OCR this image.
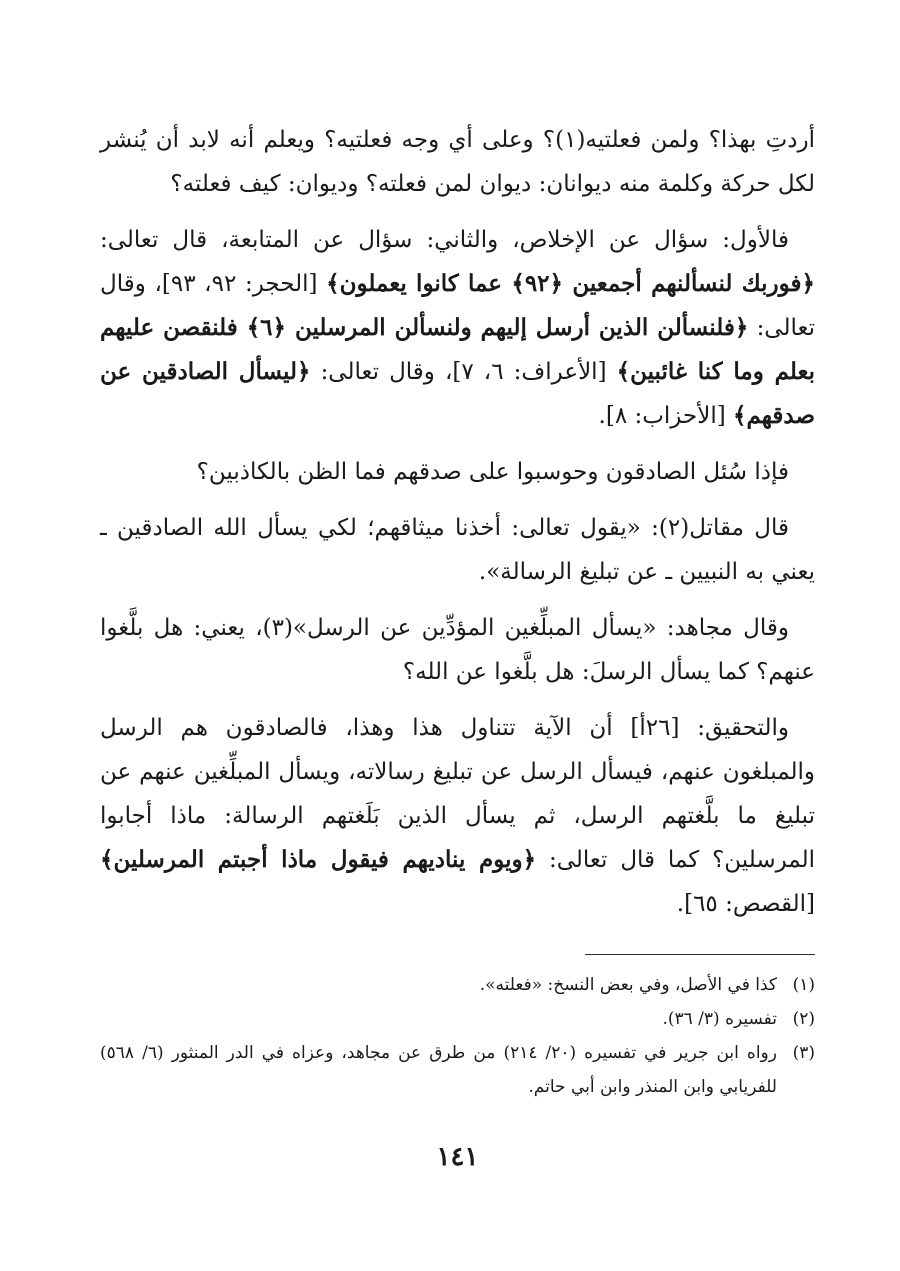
أردتِ بهذا؟ ولمن فعلتيه(١)؟ وعلى أي وجه فعلتيه؟ ويعلم أنه لابد أن يُنشر لكل حركة وكلمة منه ديوانان: ديوان لمن فعلته؟ وديوان: كيف فعلته؟

فالأول: سؤال عن الإخلاص، والثاني: سؤال عن المتابعة، قال تعالى: ﴿فوربك لنسألنهم أجمعين ﴿٩٢﴾ عما كانوا يعملون﴾ [الحجر: ٩٢، ٩٣]، وقال تعالى: ﴿فلنسألن الذين أرسل إليهم ولنسألن المرسلين ﴿٦﴾ فلنقصن عليهم بعلم وما كنا غائبين﴾ [الأعراف: ٦، ٧]، وقال تعالى: ﴿ليسأل الصادقين عن صدقهم﴾ [الأحزاب: ٨].

فإذا سُئل الصادقون وحوسبوا على صدقهم فما الظن بالكاذبين؟

قال مقاتل(٢): «يقول تعالى: أخذنا ميثاقهم؛ لكي يسأل الله الصادقين ـ يعني به النبيين ـ عن تبليغ الرسالة».

وقال مجاهد: «يسأل المبلِّغين المؤدِّين عن الرسل»(٣)، يعني: هل بلَّغوا عنهم؟ كما يسأل الرسلَ: هل بلَّغوا عن الله؟

والتحقيق: [٢٦أ] أن الآية تتناول هذا وهذا، فالصادقون هم الرسل والمبلغون عنهم، فيسأل الرسل عن تبليغ رسالاته، ويسأل المبلِّغين عنهم عن تبليغ ما بلَّغتهم الرسل، ثم يسأل الذين بَلَغتهم الرسالة: ماذا أجابوا المرسلين؟ كما قال تعالى: ﴿ويوم يناديهم فيقول ماذا أجبتم المرسلين﴾ [القصص: ٦٥].

(١)
كذا في الأصل، وفي بعض النسخ: «فعلته».
(٢)
تفسيره (٣/ ٣٦).
(٣)
رواه ابن جرير في تفسيره (٢٠/ ٢١٤) من طرق عن مجاهد، وعزاه في الدر المنثور (٦/ ٥٦٨) للفريابي وابن المنذر وابن أبي حاتم.
١٤١
